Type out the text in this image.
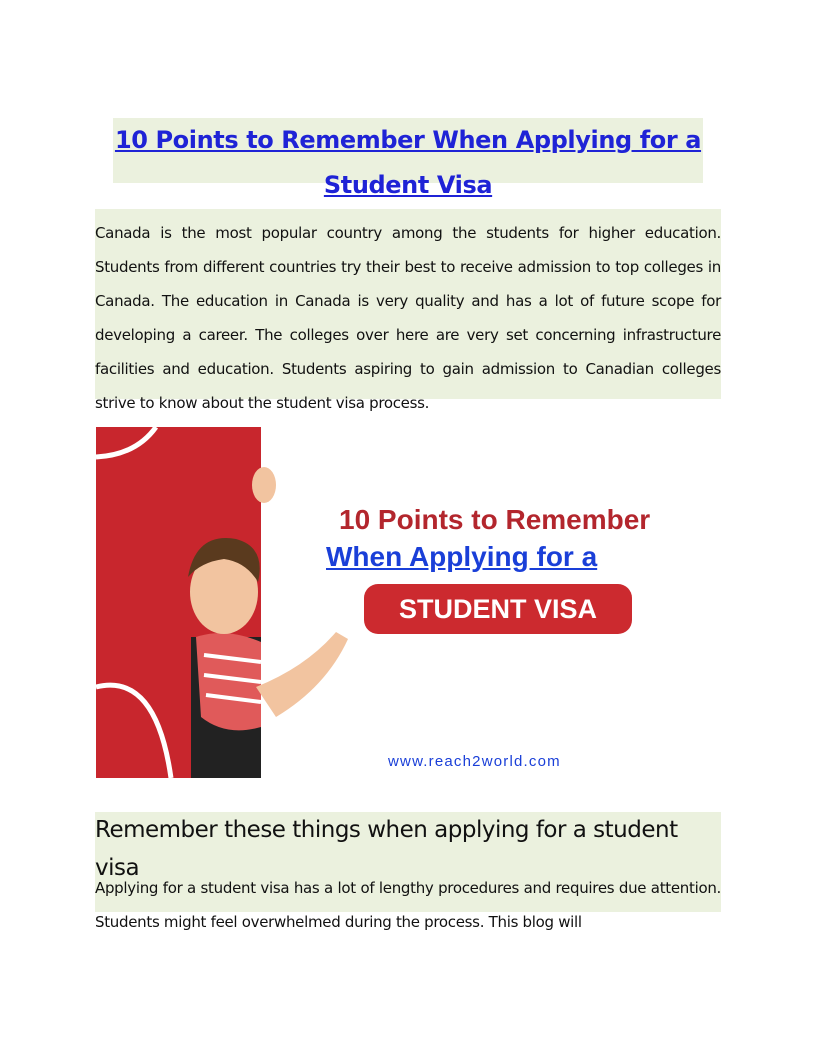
10 Points to Remember When Applying for a Student Visa

Canada is the most popular country among the students for higher education. Students from different countries try their best to receive admission to top colleges in Canada. The education in Canada is very quality and has a lot of future scope for developing a career. The colleges over here are very set concerning infrastructure facilities and education. Students aspiring to gain admission to Canadian colleges strive to know about the student visa process.

10 Points to Remember
When Applying for a
STUDENT VISA
www.reach2world.com
Remember these things when applying for a student visa

Applying for a student visa has a lot of lengthy procedures and requires due attention. Students might feel overwhelmed during the process. This blog will
